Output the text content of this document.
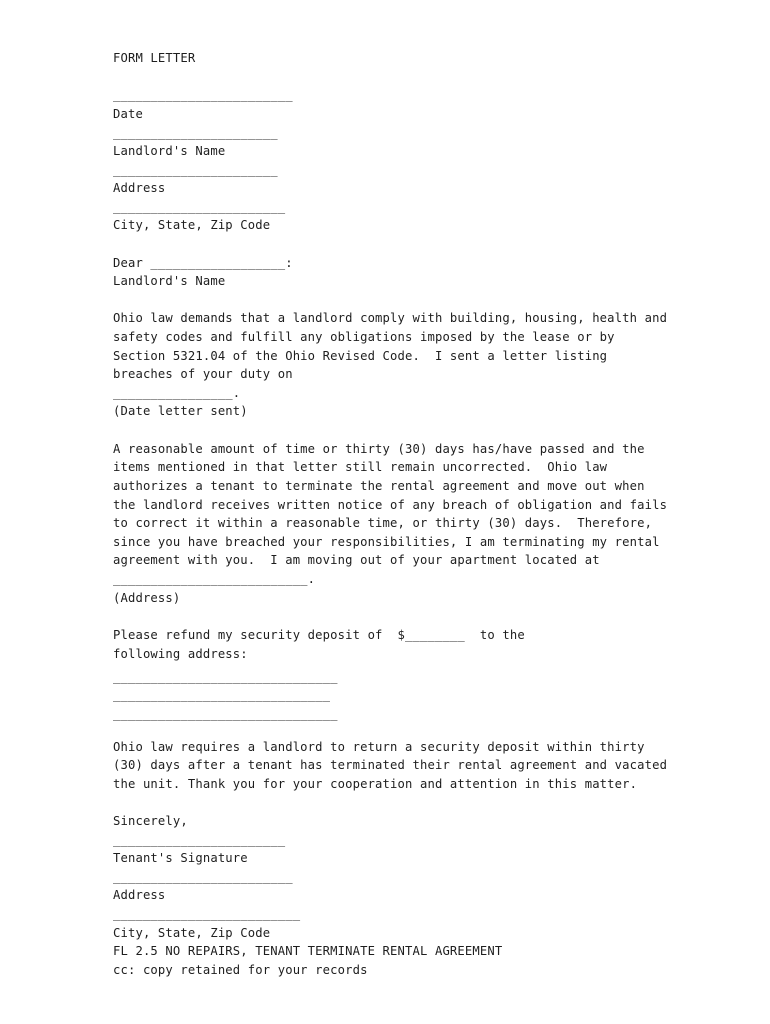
FORM LETTER

________________________

Date

______________________

Landlord's Name

______________________

Address

_______________________

City, State, Zip Code

Dear __________________:

Landlord's Name

Ohio law demands that a landlord comply with building, housing, health and

safety codes and fulfill any obligations imposed by the lease or by

Section 5321.04 of the Ohio Revised Code.  I sent a letter listing

breaches of your duty on

________________.

(Date letter sent)

A reasonable amount of time or thirty (30) days has/have passed and the

items mentioned in that letter still remain uncorrected.  Ohio law

authorizes a tenant to terminate the rental agreement and move out when

the landlord receives written notice of any breach of obligation and fails

to correct it within a reasonable time, or thirty (30) days.  Therefore,

since you have breached your responsibilities, I am terminating my rental

agreement with you.  I am moving out of your apartment located at

__________________________.

(Address)

Please refund my security deposit of  $________  to the

following address:

______________________________

_____________________________

______________________________

Ohio law requires a landlord to return a security deposit within thirty

(30) days after a tenant has terminated their rental agreement and vacated

the unit. Thank you for your cooperation and attention in this matter.

Sincerely,

_______________________

Tenant's Signature

________________________

Address

_________________________

City, State, Zip Code

FL 2.5 NO REPAIRS, TENANT TERMINATE RENTAL AGREEMENT

cc: copy retained for your records
